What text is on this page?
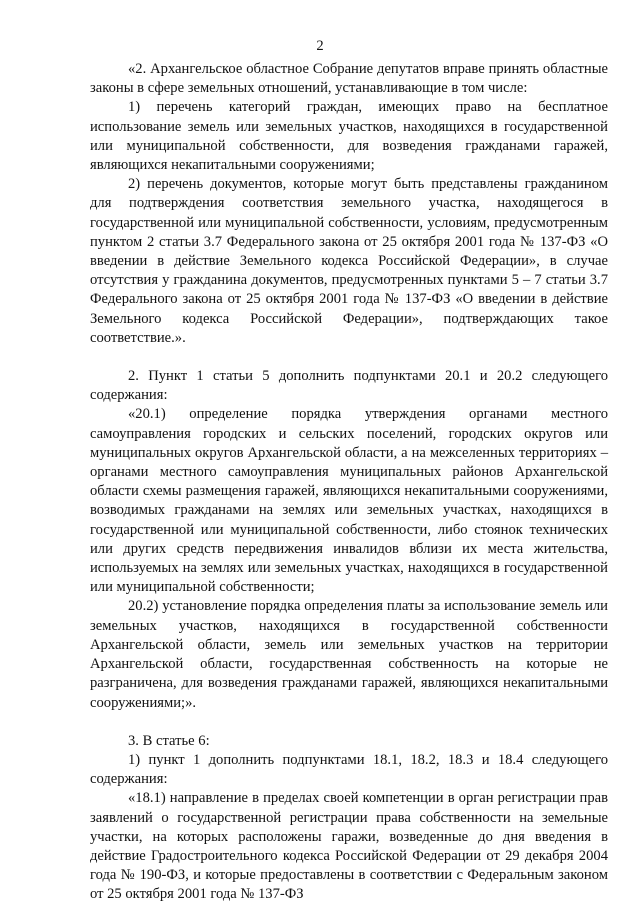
2

«2. Архангельское областное Собрание депутатов вправе принять областные законы в сфере земельных отношений, устанавливающие в том числе:

1) перечень категорий граждан, имеющих право на бесплатное использование земель или земельных участков, находящихся в государственной или муниципальной собственности, для возведения гражданами гаражей, являющихся некапитальными сооружениями;

2) перечень документов, которые могут быть представлены гражданином для подтверждения соответствия земельного участка, находящегося в государственной или муниципальной собственности, условиям, предусмотренным пунктом 2 статьи 3.7 Федерального закона от 25 октября 2001 года № 137-ФЗ «О введении в действие Земельного кодекса Российской Федерации», в случае отсутствия у гражданина документов, предусмотренных пунктами 5 – 7 статьи 3.7 Федерального закона от 25 октября 2001 года № 137-ФЗ «О введении в действие Земельного кодекса Российской Федерации», подтверждающих такое соответствие.».

2. Пункт 1 статьи 5 дополнить подпунктами 20.1 и 20.2 следующего содержания:

«20.1) определение порядка утверждения органами местного самоуправления городских и сельских поселений, городских округов или муниципальных округов Архангельской области, а на межселенных территориях – органами местного самоуправления муниципальных районов Архангельской области схемы размещения гаражей, являющихся некапитальными сооружениями, возводимых гражданами на землях или земельных участках, находящихся в государственной или муниципальной собственности, либо стоянок технических или других средств передвижения инвалидов вблизи их места жительства, используемых на землях или земельных участках, находящихся в государственной или муниципальной собственности;

20.2) установление порядка определения платы за использование земель или земельных участков, находящихся в государственной собственности Архангельской области, земель или земельных участков на территории Архангельской области, государственная собственность на которые не разграничена, для возведения гражданами гаражей, являющихся некапитальными сооружениями;».

3. В статье 6:

1) пункт 1 дополнить подпунктами 18.1, 18.2, 18.3 и 18.4 следующего содержания:

«18.1) направление в пределах своей компетенции в орган регистрации прав заявлений о государственной регистрации права собственности на земельные участки, на которых расположены гаражи, возведенные до дня введения в действие Градостроительного кодекса Российской Федерации от 29 декабря 2004 года № 190-ФЗ, и которые предоставлены в соответствии с Федеральным законом от 25 октября 2001 года № 137-ФЗ
